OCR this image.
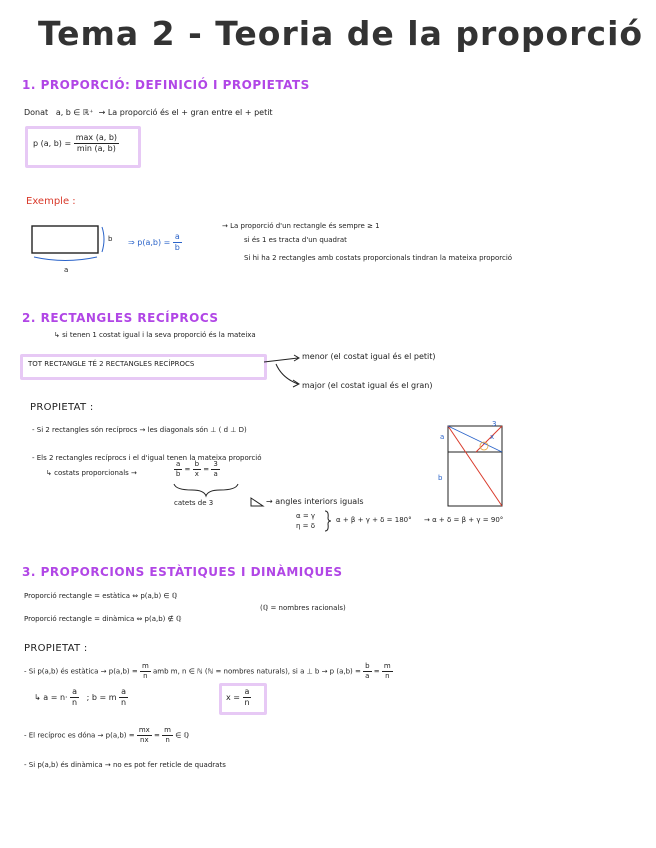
Tema 2 - Teoria de la proporció
1. PROPORCIÓ: DEFINICIÓ I PROPIETATS
Donat a, b ∈ ℝ⁺ → La proporció és el + gran entre el + petit
p (a, $b) = \frac{\max (a, b)}{\min (a, b)}$
Exemple :
b
a
⇒ $p(a,b) = \frac{a}{b}$
→ La proporció d'un rectangle és sempre ≥ 1
si és 1 es tracta d'un quadrat
Si hi ha 2 rectangles amb costats proporcionals tindran la mateixa proporció
2. RECTANGLES RECÍPROCS
↳ si tenen 1 costat igual i la seva proporció és la mateixa
TOT RECTANGLE TÉ 2 RECTANGLES RECÍPROCS
menor (el costat igual és el petit)
major (el costat igual és el gran)
PROPIETAT :
- Si 2 rectangles són recíprocs → les diagonals són ⊥ ( d ⊥ D)
- Els 2 rectangles recíprocs i el d'igual tenen la mateixa proporció
↳ costats proporcionals →	$\frac{a}{b} = \frac{b}{x} = \frac{3}{a}$
catets de 3	→ angles interiors iguals
α = γ
η = δ
α + β + γ + δ = 180° → α + δ = β + γ = 90°
a
b
x
3
3. PROPORCIONS ESTÀTIQUES I DINÀMIQUES
Proporció rectangle = estàtica ⇔ p(a,b) ∈ ℚ
Proporció rectangle = dinàmica ⇔ p(a,b) ∉ ℚ
(ℚ = nombres racionals)
PROPIETAT :
- Si p(a,b) és estàtica → $p(a,b) = \frac{m}{n}$ amb m, n ∈ ℕ (ℕ = nombres naturals), si a ⊥ b → p $(a,b) = \frac{b}{a} = \frac{m}{n}$
↳ $a = n\cdot \frac{a}{n}$ ; b = m $\frac{a}{n}$	$x = \frac{a}{n}$
- El recíproc es dóna → $p(a,b) = \frac{mx}{nx} = \frac{m}{n}$ ∈ ℚ
- Si p(a,b) és dinàmica → no es pot fer reticle de quadrats
